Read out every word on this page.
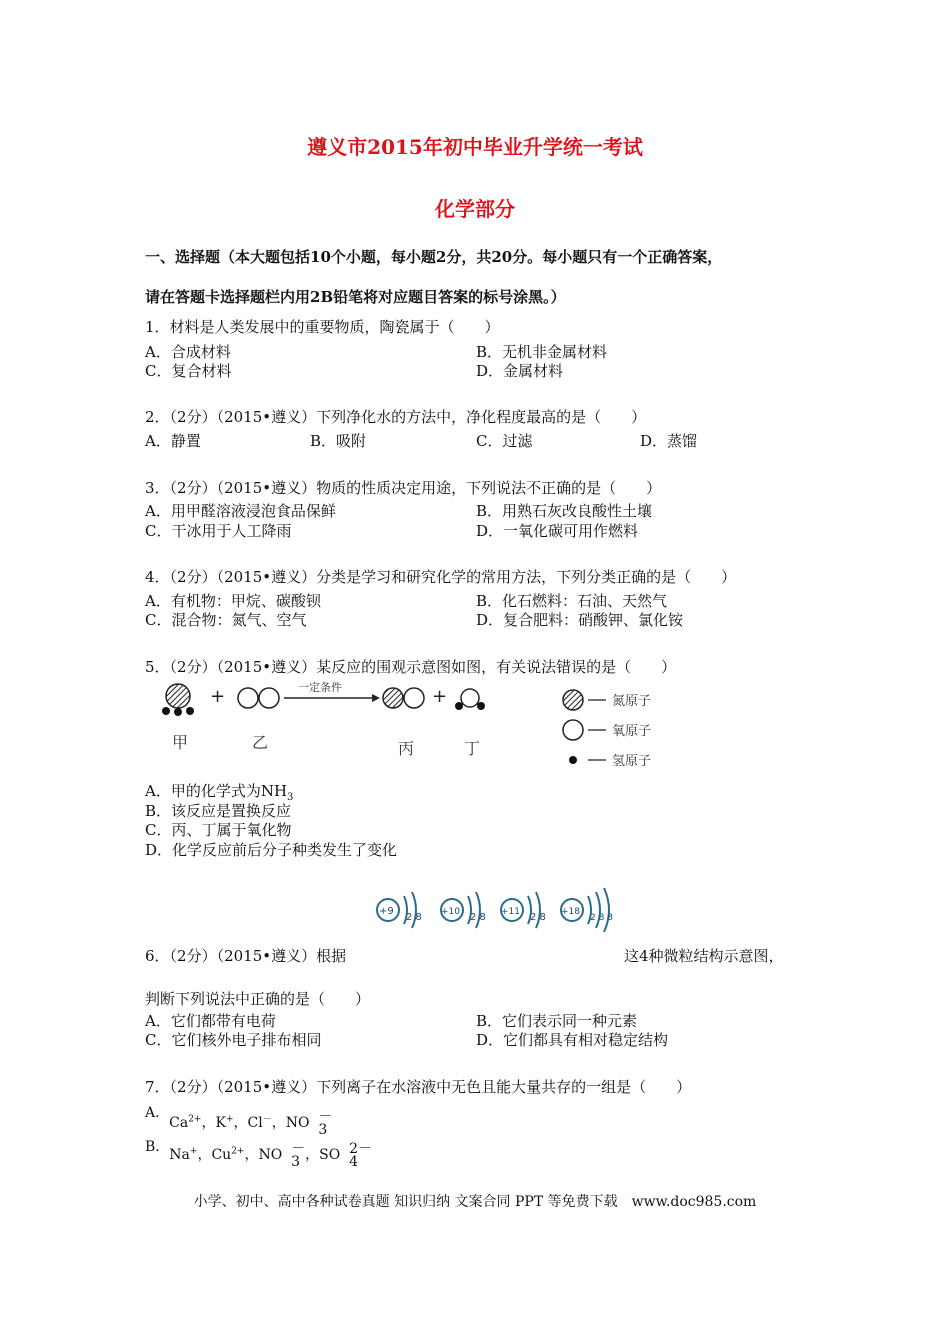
遵义市2015年初中毕业升学统一考试
化学部分
一、选择题（本大题包括10个小题，每小题2分，共20分。每小题只有一个正确答案，
请在答题卡选择题栏内用2B铅笔将对应题目答案的标号涂黑。）
1．材料是人类发展中的重要物质，陶瓷属于（　　）
A．合成材料	B．无机非金属材料
C．复合材料	D．金属材料
2．（2分）（2015•遵义）下列净化水的方法中，净化程度最高的是（　　）
A．静置	B．吸附	C．过滤	D．蒸馏
3．（2分）（2015•遵义）物质的性质决定用途，下列说法不正确的是（　　）
A．用甲醛溶液浸泡食品保鲜	B．用熟石灰改良酸性土壤
C．干冰用于人工降雨	D．一氧化碳可用作燃料
4．（2分）（2015•遵义）分类是学习和研究化学的常用方法，下列分类正确的是（　　）
A．有机物：甲烷、碳酸钡	B．化石燃料：石油、天然气
C．混合物：氮气、空气	D．复合肥料：硝酸钾、氯化铵
5．（2分）（2015•遵义）某反应的围观示意图如图，有关说法错误的是（　　）
+	一定条件	+
甲	乙	丙	丁
氮原子
氧原子
氢原子
A．甲的化学式为$NH_3$
B．该反应是置换反应
C．丙、丁属于氧化物
D．化学反应前后分子种类发生了变化
6．（2分）（2015•遵义）根据
+9
2 8 +10 2 8 +11 2 8 +18
2 8 8
这4种微粒结构示意图，
判断下列说法中正确的是（　　）
A．它们都带有电荷	B．它们表示同一种元素
C．它们核外电子排布相同	D．它们都具有相对稳定结构
7．（2分）（2015•遵义）下列离子在水溶液中无色且能大量共存的一组是（　　）
A．$Ca^{2+}$，K+，Cl－，NO －
3
B．Na+，$Cu^{2+}$，NO －
3 ，SO 2－
4
小学、初中、高中各种试卷真题 知识归纳 文案合同 PPT 等免费下载　www.doc985.com
